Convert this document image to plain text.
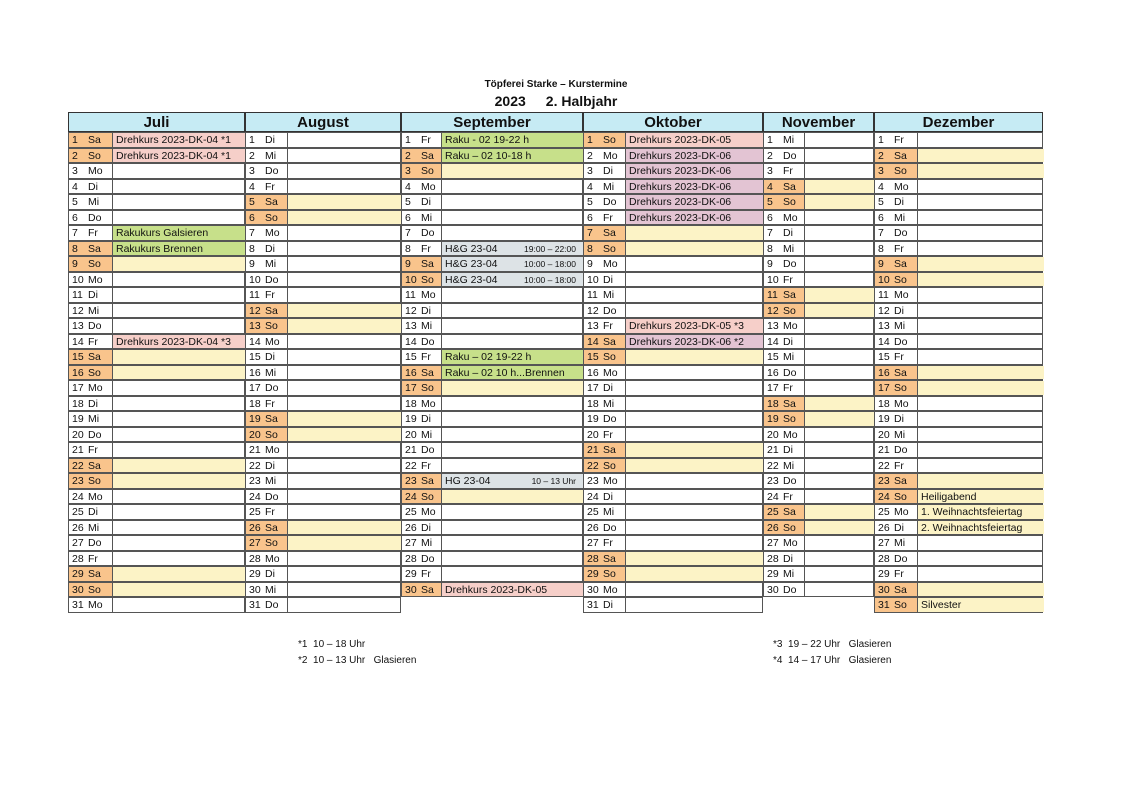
Töpferei Starke – Kurstermine
2023 2. Halbjahr
Juli
1 Sa	Drehkurs 2023-DK-04 *1
2 So	Drehkurs 2023-DK-04 *1
3 Mo
4 Di
5 Mi
6 Do
7 Fr	Rakukurs Galsieren
8 Sa	Rakukurs Brennen
9 So
10 Mo
11 Di
12 Mi
13 Do
14 Fr	Drehkurs 2023-DK-04 *3
15 Sa
16 So
17 Mo
18 Di
19 Mi
20 Do
21 Fr
22 Sa
23 So
24 Mo
25 Di
26 Mi
27 Do
28 Fr
29 Sa
30 So
31 Mo
August
1 Di
2 Mi
3 Do
4 Fr
5 Sa
6 So
7 Mo
8 Di
9 Mi
10 Do
11 Fr
12 Sa
13 So
14 Mo
15 Di
16 Mi
17 Do
18 Fr
19 Sa
20 So
21 Mo
22 Di
23 Mi
24 Do
25 Fr
26 Sa
27 So
28 Mo
29 Di
30 Mi
31 Do
September
1 Fr	Raku - 02 19-22 h
2 Sa	Raku – 02 10-18 h
3 So
4 Mo
5 Di
6 Mi
7 Do
8 Fr	H&G 23-04	19:00 – 22:00
9 Sa	H&G 23-04	10:00 – 18:00
10 So	H&G 23-04	10:00 – 18:00
11 Mo
12 Di
13 Mi
14 Do
15 Fr	Raku – 02 19-22 h
16 Sa	Raku – 02 10 h...Brennen
17 So
18 Mo
19 Di
20 Mi
21 Do
22 Fr
23 Sa	HG 23-04	10 – 13 Uhr
24 So
25 Mo
26 Di
27 Mi
28 Do
29 Fr
30 Sa	Drehkurs 2023-DK-05
Oktober
1 So	Drehkurs 2023-DK-05
2 Mo	Drehkurs 2023-DK-06
3 Di	Drehkurs 2023-DK-06
4 Mi	Drehkurs 2023-DK-06
5 Do	Drehkurs 2023-DK-06
6 Fr	Drehkurs 2023-DK-06
7 Sa
8 So
9 Mo
10 Di
11 Mi
12 Do
13 Fr	Drehkurs 2023-DK-05 *3
14 Sa	Drehkurs 2023-DK-06 *2
15 So
16 Mo
17 Di
18 Mi
19 Do
20 Fr
21 Sa
22 So
23 Mo
24 Di
25 Mi
26 Do
27 Fr
28 Sa
29 So
30 Mo
31 Di
November
1 Mi
2 Do
3 Fr
4 Sa
5 So
6 Mo
7 Di
8 Mi
9 Do
10 Fr
11 Sa
12 So
13 Mo
14 Di
15 Mi
16 Do
17 Fr
18 Sa
19 So
20 Mo
21 Di
22 Mi
23 Do
24 Fr
25 Sa
26 So
27 Mo
28 Di
29 Mi
30 Do
Dezember
1 Fr
2 Sa
3 So
4 Mo
5 Di
6 Mi
7 Do
8 Fr
9 Sa
10 So
11 Mo
12 Di
13 Mi
14 Do
15 Fr
16 Sa
17 So
18 Mo
19 Di
20 Mi
21 Do
22 Fr
23 Sa
24 So	Heiligabend
25 Mo	1. Weihnachtsfeiertag
26 Di	2. Weihnachtsfeiertag
27 Mi
28 Do
29 Fr
30 Sa
31 So	Silvester
*1  10 – 18 Uhr
*2  10 – 13 Uhr   Glasieren
*3  19 – 22 Uhr   Glasieren
*4  14 – 17 Uhr   Glasieren
